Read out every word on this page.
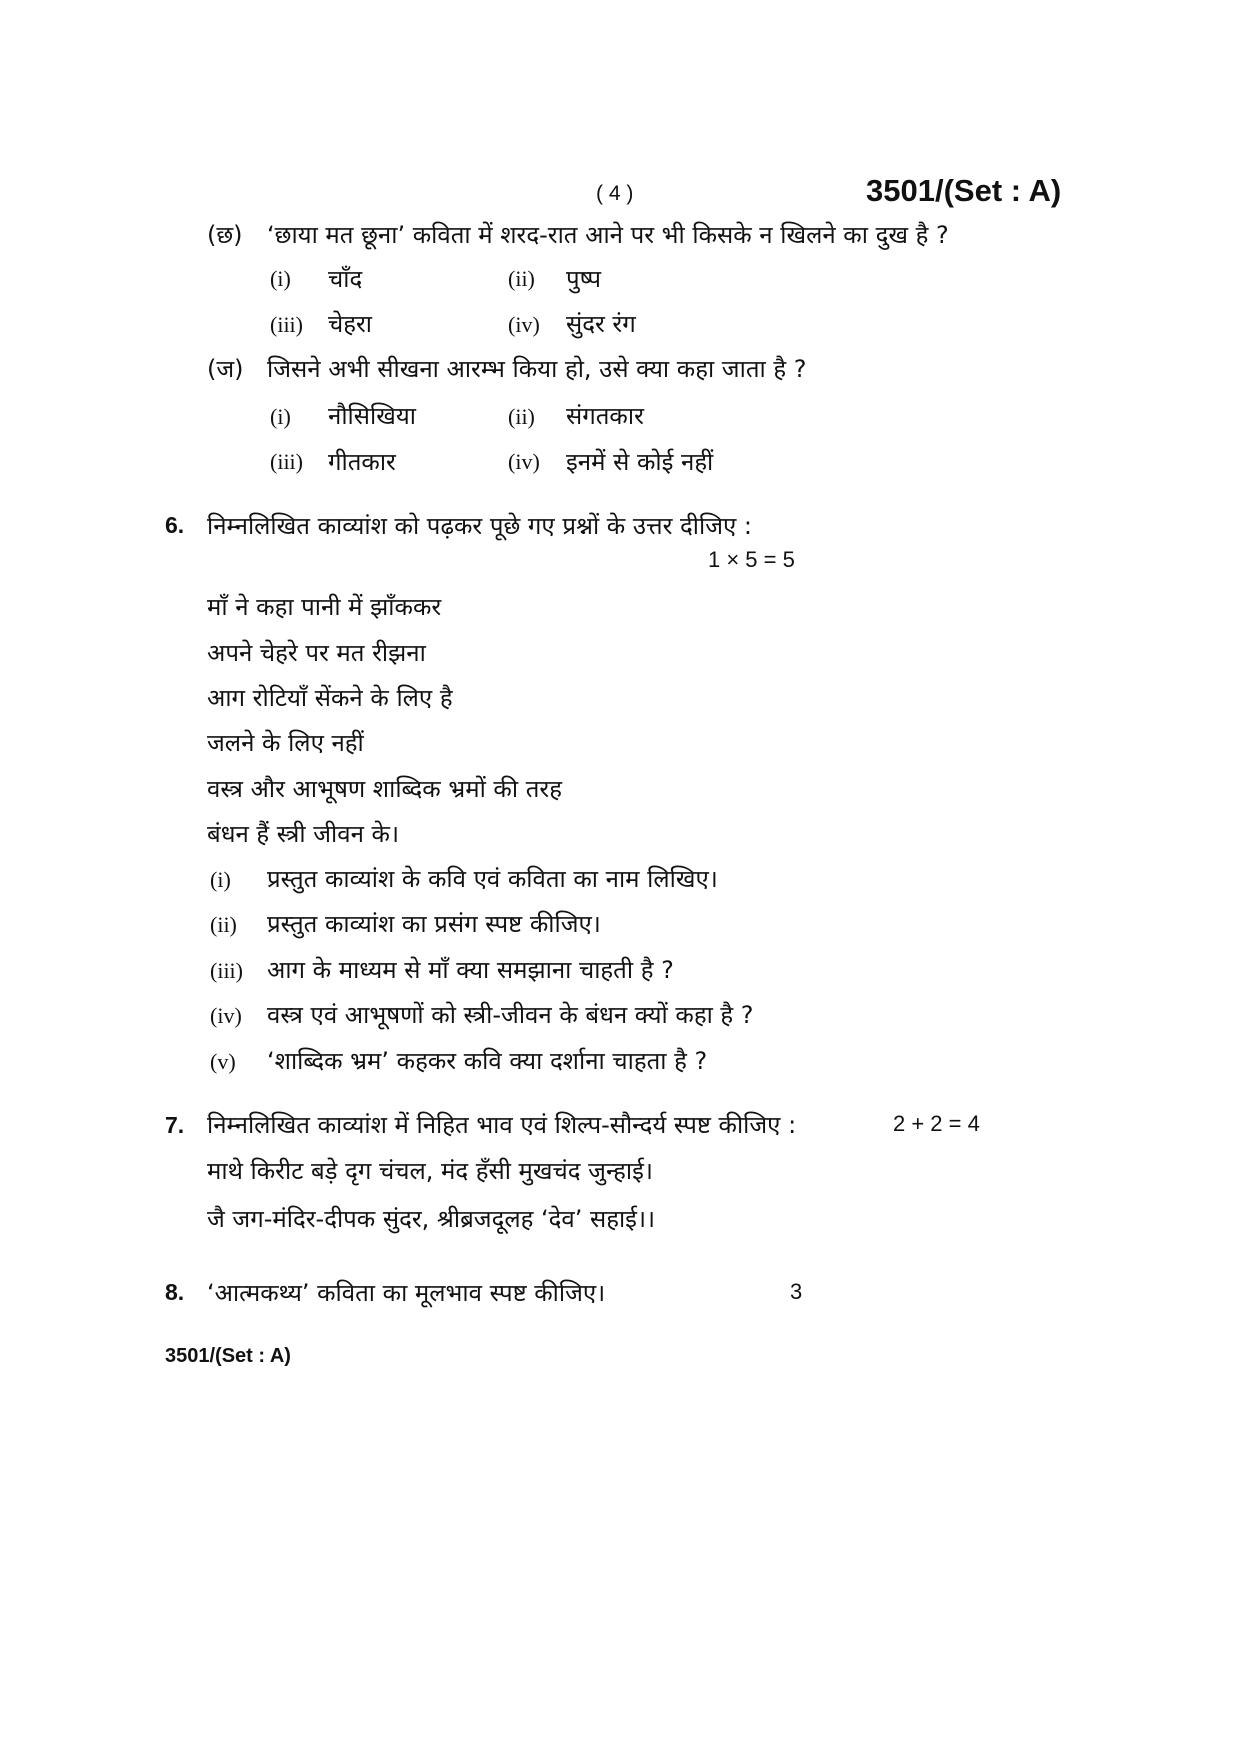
( 4 )	3501/(Set : A)
(छ) ‘छाया मत छूना’ कविता में शरद-रात आने पर भी किसके न खिलने का दुख है ?
(i) चाँद	(ii) पुष्प
(iii) चेहरा	(iv) सुंदर रंग
(ज) जिसने अभी सीखना आरम्भ किया हो, उसे क्या कहा जाता है ?
(i) नौसिखिया	(ii) संगतकार
(iii) गीतकार	(iv) इनमें से कोई नहीं
6. निम्नलिखित काव्यांश को पढ़कर पूछे गए प्रश्नों के उत्तर दीजिए :
1 × 5 = 5
माँ ने कहा पानी में झाँककर
अपने चेहरे पर मत रीझना
आग रोटियाँ सेंकने के लिए है
जलने के लिए नहीं
वस्त्र और आभूषण शाब्दिक भ्रमों की तरह
बंधन हैं स्त्री जीवन के।
(i) प्रस्तुत काव्यांश के कवि एवं कविता का नाम लिखिए।
(ii) प्रस्तुत काव्यांश का प्रसंग स्पष्ट कीजिए।
(iii) आग के माध्यम से माँ क्या समझाना चाहती है ?
(iv) वस्त्र एवं आभूषणों को स्त्री-जीवन के बंधन क्यों कहा है ?
(v) ‘शाब्दिक भ्रम’ कहकर कवि क्या दर्शाना चाहता है ?
7. निम्नलिखित काव्यांश में निहित भाव एवं शिल्प-सौन्दर्य स्पष्ट कीजिए :	2 + 2 = 4
माथे किरीट बड़े दृग चंचल, मंद हँसी मुखचंद जुन्हाई।
जै जग-मंदिर-दीपक सुंदर, श्रीब्रजदूलह ‘देव’ सहाई।।
8. ‘आत्मकथ्य’ कविता का मूलभाव स्पष्ट कीजिए।	3
3501/(Set : A)
